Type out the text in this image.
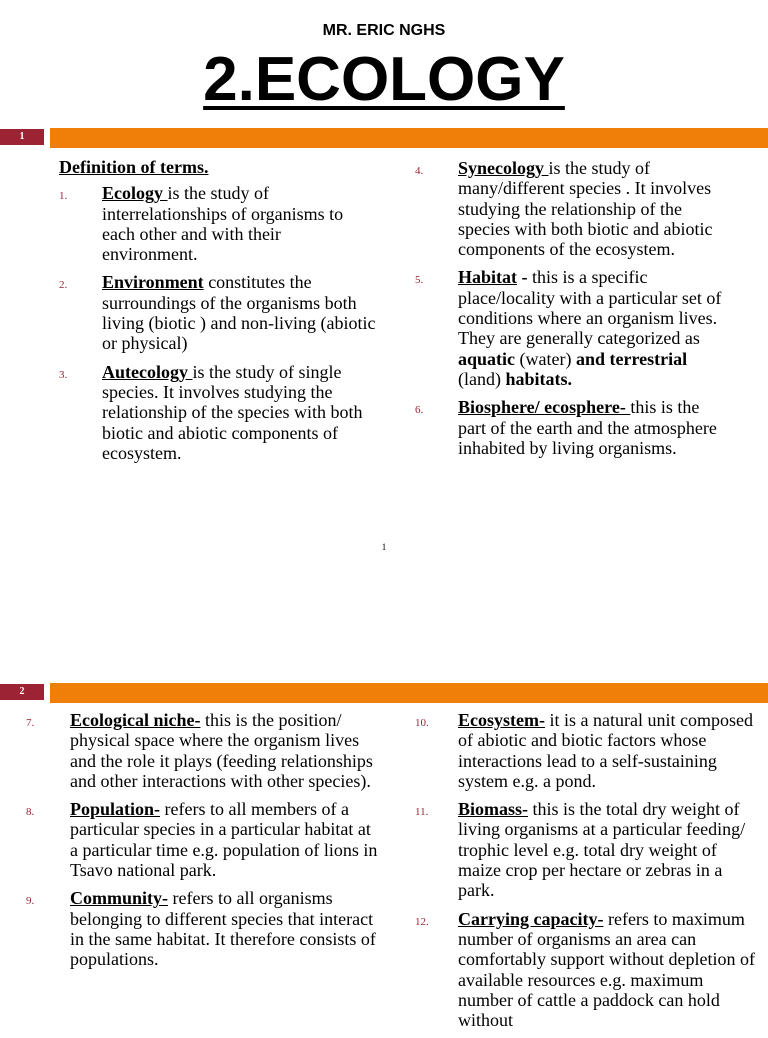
MR. ERIC NGHS
2.ECOLOGY
1
Definition of terms.
1. Ecology is the study of interrelationships of organisms to each other and with their environment.
2. Environment constitutes the surroundings of the organisms both living (biotic ) and non-living (abiotic or physical)
3. Autecology is the study of single species. It involves studying the relationship of the species with both biotic and abiotic components of ecosystem.
4. Synecology is the study of many/different species . It involves studying the relationship of the species with both biotic and abiotic components of the ecosystem.
5. Habitat - this is a specific place/locality with a particular set of conditions where an organism lives. They are generally categorized as aquatic (water) and terrestrial (land) habitats.
6. Biosphere/ ecosphere- this is the part of the earth and the atmosphere inhabited by living organisms.
1
2
7. Ecological niche- this is the position/ physical space where the organism lives and the role it plays (feeding relationships and other interactions with other species).
8. Population- refers to all members of a particular species in a particular habitat at a particular time e.g. population of lions in Tsavo national park.
9. Community- refers to all organisms belonging to different species that interact in the same habitat. It therefore consists of populations.
10. Ecosystem- it is a natural unit composed of abiotic and biotic factors whose interactions lead to a self-sustaining system e.g. a pond.
11. Biomass- this is the total dry weight of living organisms at a particular feeding/ trophic level e.g. total dry weight of maize crop per hectare or zebras in a park.
12. Carrying capacity- refers to maximum number of organisms an area can comfortably support without depletion of available resources e.g. maximum number of cattle a paddock can hold without
